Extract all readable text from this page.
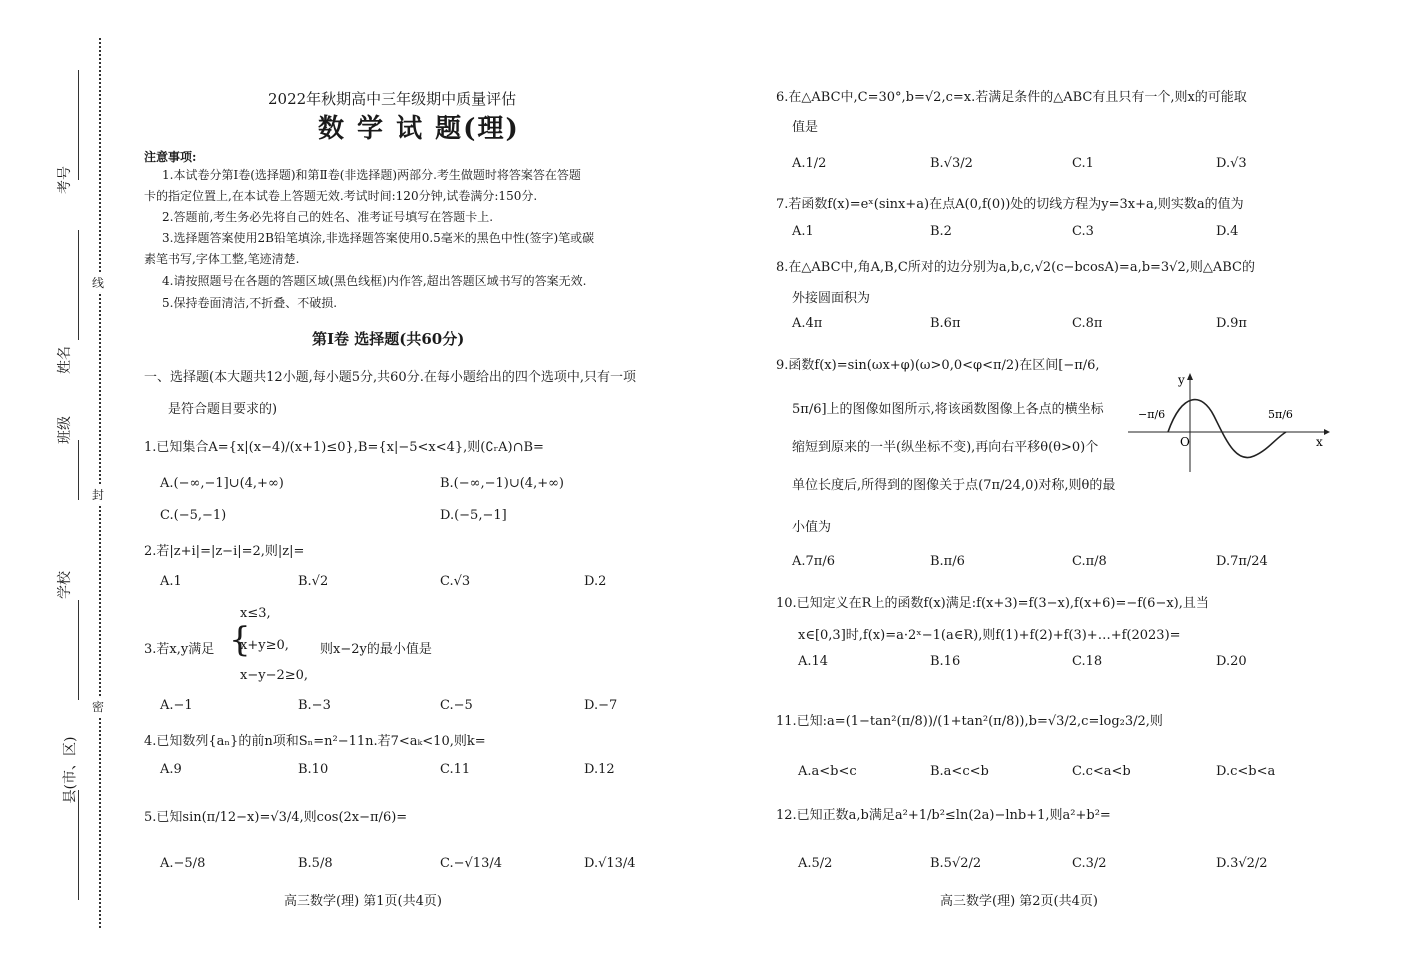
考号
姓名
班级
学校
县(市、区)
线
封
密
2022年秋期高中三年级期中质量评估
数 学 试 题(理)
注意事项:
1.本试卷分第Ⅰ卷(选择题)和第Ⅱ卷(非选择题)两部分.考生做题时将答案答在答题
卡的指定位置上,在本试卷上答题无效.考试时间:120分钟,试卷满分:150分.
2.答题前,考生务必先将自己的姓名、准考证号填写在答题卡上.
3.选择题答案使用2B铅笔填涂,非选择题答案使用0.5毫米的黑色中性(签字)笔或碳
素笔书写,字体工整,笔迹清楚.
4.请按照题号在各题的答题区域(黑色线框)内作答,超出答题区域书写的答案无效.
5.保持卷面清洁,不折叠、不破损.
第Ⅰ卷 选择题(共60分)
一、选择题(本大题共12小题,每小题5分,共60分.在每小题给出的四个选项中,只有一项
是符合题目要求的)
1.已知集合A={x|(x−4)/(x+1)≤0},B={x|−5<x<4},则(∁ᵣA)∩B=
A.(−∞,−1]∪(4,+∞)	B.(−∞,−1)∪(4,+∞)
C.(−5,−1)	D.(−5,−1]
2.若|z+i|=|z−i|=2,则|z|=
A.1	B.√2	C.√3	D.2
3.若x,y满足 {
x≤3,
x+y≥0,
x−y−2≥0,
则x−2y的最小值是
A.−1	B.−3	C.−5	D.−7
4.已知数列{aₙ}的前n项和Sₙ=n²−11n.若7<aₖ<10,则k=
A.9	B.10	C.11	D.12
5.已知sin(π/12−x)=√3/4,则cos(2x−π/6)=
A.−5/8	B.5/8	C.−√13/4	D.√13/4
高三数学(理) 第1页(共4页)
6.在△ABC中,C=30°,b=√2,c=x.若满足条件的△ABC有且只有一个,则x的可能取
值是
A.1/2	B.√3/2	C.1	D.√3
7.若函数f(x)=eˣ(sinx+a)在点A(0,f(0))处的切线方程为y=3x+a,则实数a的值为
A.1	B.2	C.3	D.4
8.在△ABC中,角A,B,C所对的边分别为a,b,c,√2(c−bcosA)=a,b=3√2,则△ABC的
外接圆面积为
A.4π	B.6π	C.8π	D.9π
9.函数f(x)=sin(ωx+φ)(ω>0,0<φ<π/2)在区间[−π/6,
5π/6]上的图像如图所示,将该函数图像上各点的横坐标
缩短到原来的一半(纵坐标不变),再向右平移θ(θ>0)个
单位长度后,所得到的图像关于点(7π/24,0)对称,则θ的最
小值为
y
x
O
−π/6	5π/6
A.7π/6	B.π/6	C.π/8	D.7π/24
10.已知定义在R上的函数f(x)满足:f(x+3)=f(3−x),f(x+6)=−f(6−x),且当
x∈[0,3]时,f(x)=a·2ˣ−1(a∈R),则f(1)+f(2)+f(3)+…+f(2023)=
A.14	B.16	C.18	D.20
11.已知:a=(1−tan²(π/8))/(1+tan²(π/8)),b=√3/2,c=log₂3/2,则
A.a<b<c	B.a<c<b	C.c<a<b	D.c<b<a
12.已知正数a,b满足a²+1/b²≤ln(2a)−lnb+1,则a²+b²=
A.5/2	B.5√2/2	C.3/2	D.3√2/2
高三数学(理) 第2页(共4页)
